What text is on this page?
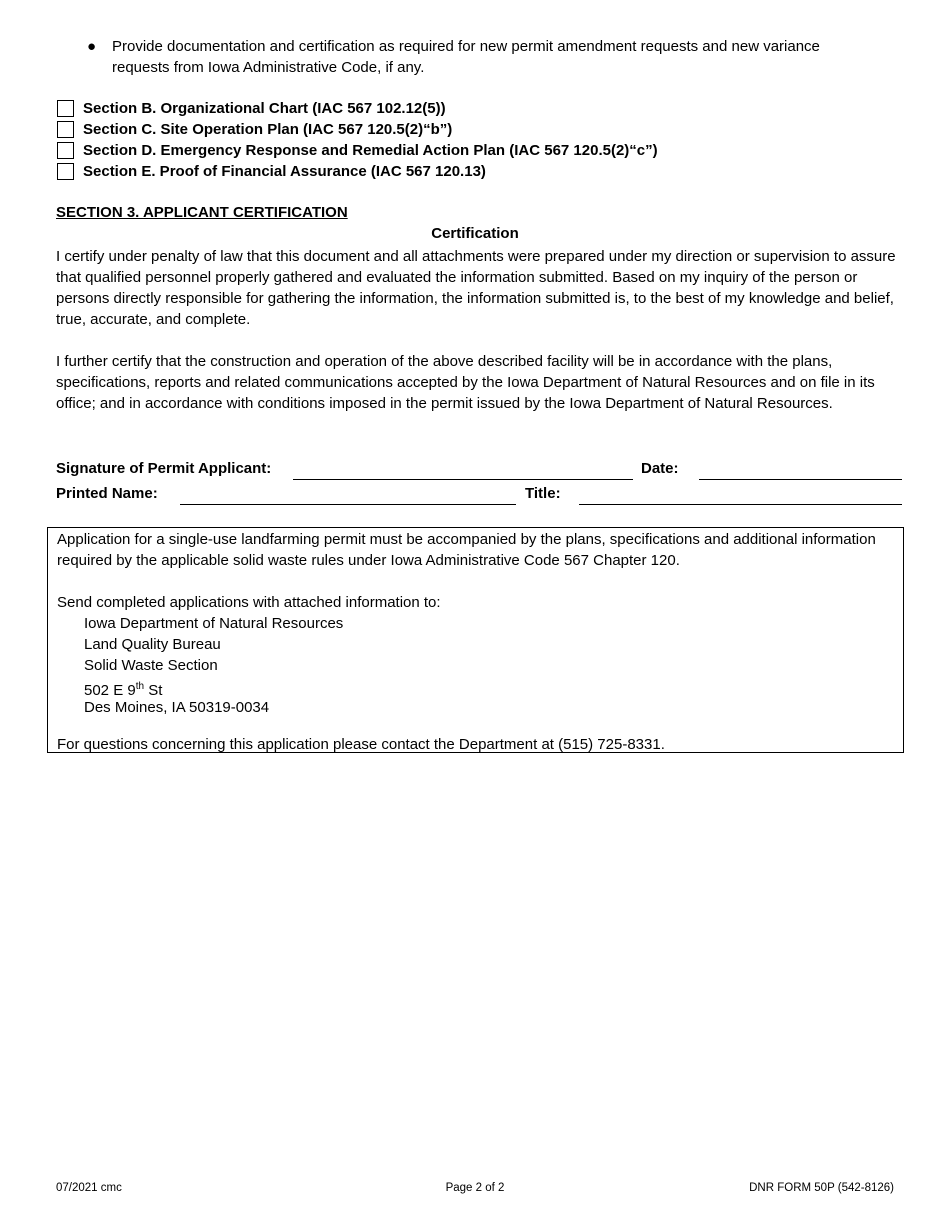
● Provide documentation and certification as required for new permit amendment requests and new variance requests from Iowa Administrative Code, if any.
Section B. Organizational Chart (IAC 567 102.12(5))
Section C. Site Operation Plan (IAC 567 120.5(2)“b”)
Section D. Emergency Response and Remedial Action Plan (IAC 567 120.5(2)“c”)
Section E. Proof of Financial Assurance (IAC 567 120.13)
SECTION 3. APPLICANT CERTIFICATION
Certification
I certify under penalty of law that this document and all attachments were prepared under my direction or supervision to assure that qualified personnel properly gathered and evaluated the information submitted. Based on my inquiry of the person or persons directly responsible for gathering the information, the information submitted is, to the best of my knowledge and belief, true, accurate, and complete.
I further certify that the construction and operation of the above described facility will be in accordance with the plans, specifications, reports and related communications accepted by the Iowa Department of Natural Resources and on file in its office; and in accordance with conditions imposed in the permit issued by the Iowa Department of Natural Resources.
Signature of Permit Applicant:	Date:
Printed Name:	Title:
Application for a single-use landfarming permit must be accompanied by the plans, specifications and additional information required by the applicable solid waste rules under Iowa Administrative Code 567 Chapter 120.
Send completed applications with attached information to:
Iowa Department of Natural Resources
Land Quality Bureau
Solid Waste Section
502 E 9th St
Des Moines, IA 50319-0034
For questions concerning this application please contact the Department at (515) 725-8331.
07/2021 cmc	Page 2 of 2	DNR FORM 50P (542-8126)
